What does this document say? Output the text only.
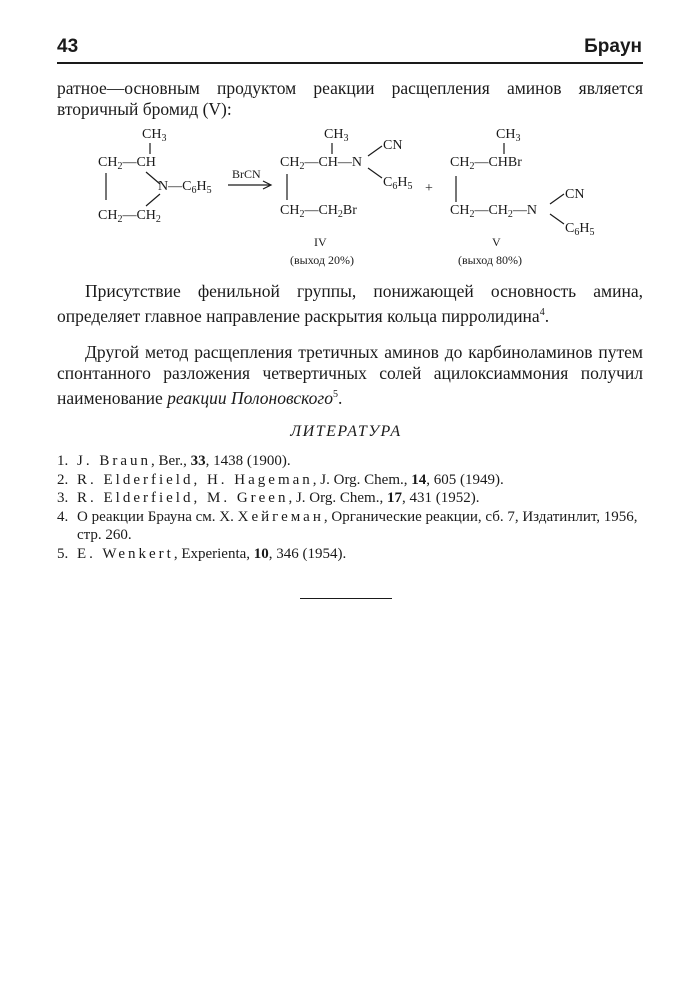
43	Браун

ратное—основным продуктом реакции расщепления аминов является вторичный бромид (V):

$CH_3$
$CH_2—CH$
$N—C_6H_5$
$CH_2—CH_2$
BrCN
$CH_3$
$CH_2—CH—N$
CN
$C_6H_5$
$CH_2—CH_2Br$
IV
(выход 20%)
+
$CH_3$
$CH_2—CHBr$
$CH_2—CH_2—N$
CN
$C_6H_5$
V
(выход 80%)

Присутствие фенильной группы, понижающей основность амина, определяет главное направление раскрытия кольца пирролидина$^4$.

Другой метод расщепления третичных аминов до карбиноламинов путем спонтанного разложения четвертичных солей ацилоксиаммония получил наименование реакции Полоновского$^5$.

ЛИТЕРАТУРА
1. J. Braun, Ber., 33, 1438 (1900).
2. R. Elderfield, H. Hageman, J. Org. Chem., 14, 605 (1949).
3. R. Elderfield, M. Green, J. Org. Chem., 17, 431 (1952).
4. О реакции Брауна см. Х. Хейгеман, Органические реакции, сб. 7, Издатинлит, 1956, стр. 260.
5. E. Wenkert, Experienta, 10, 346 (1954).
